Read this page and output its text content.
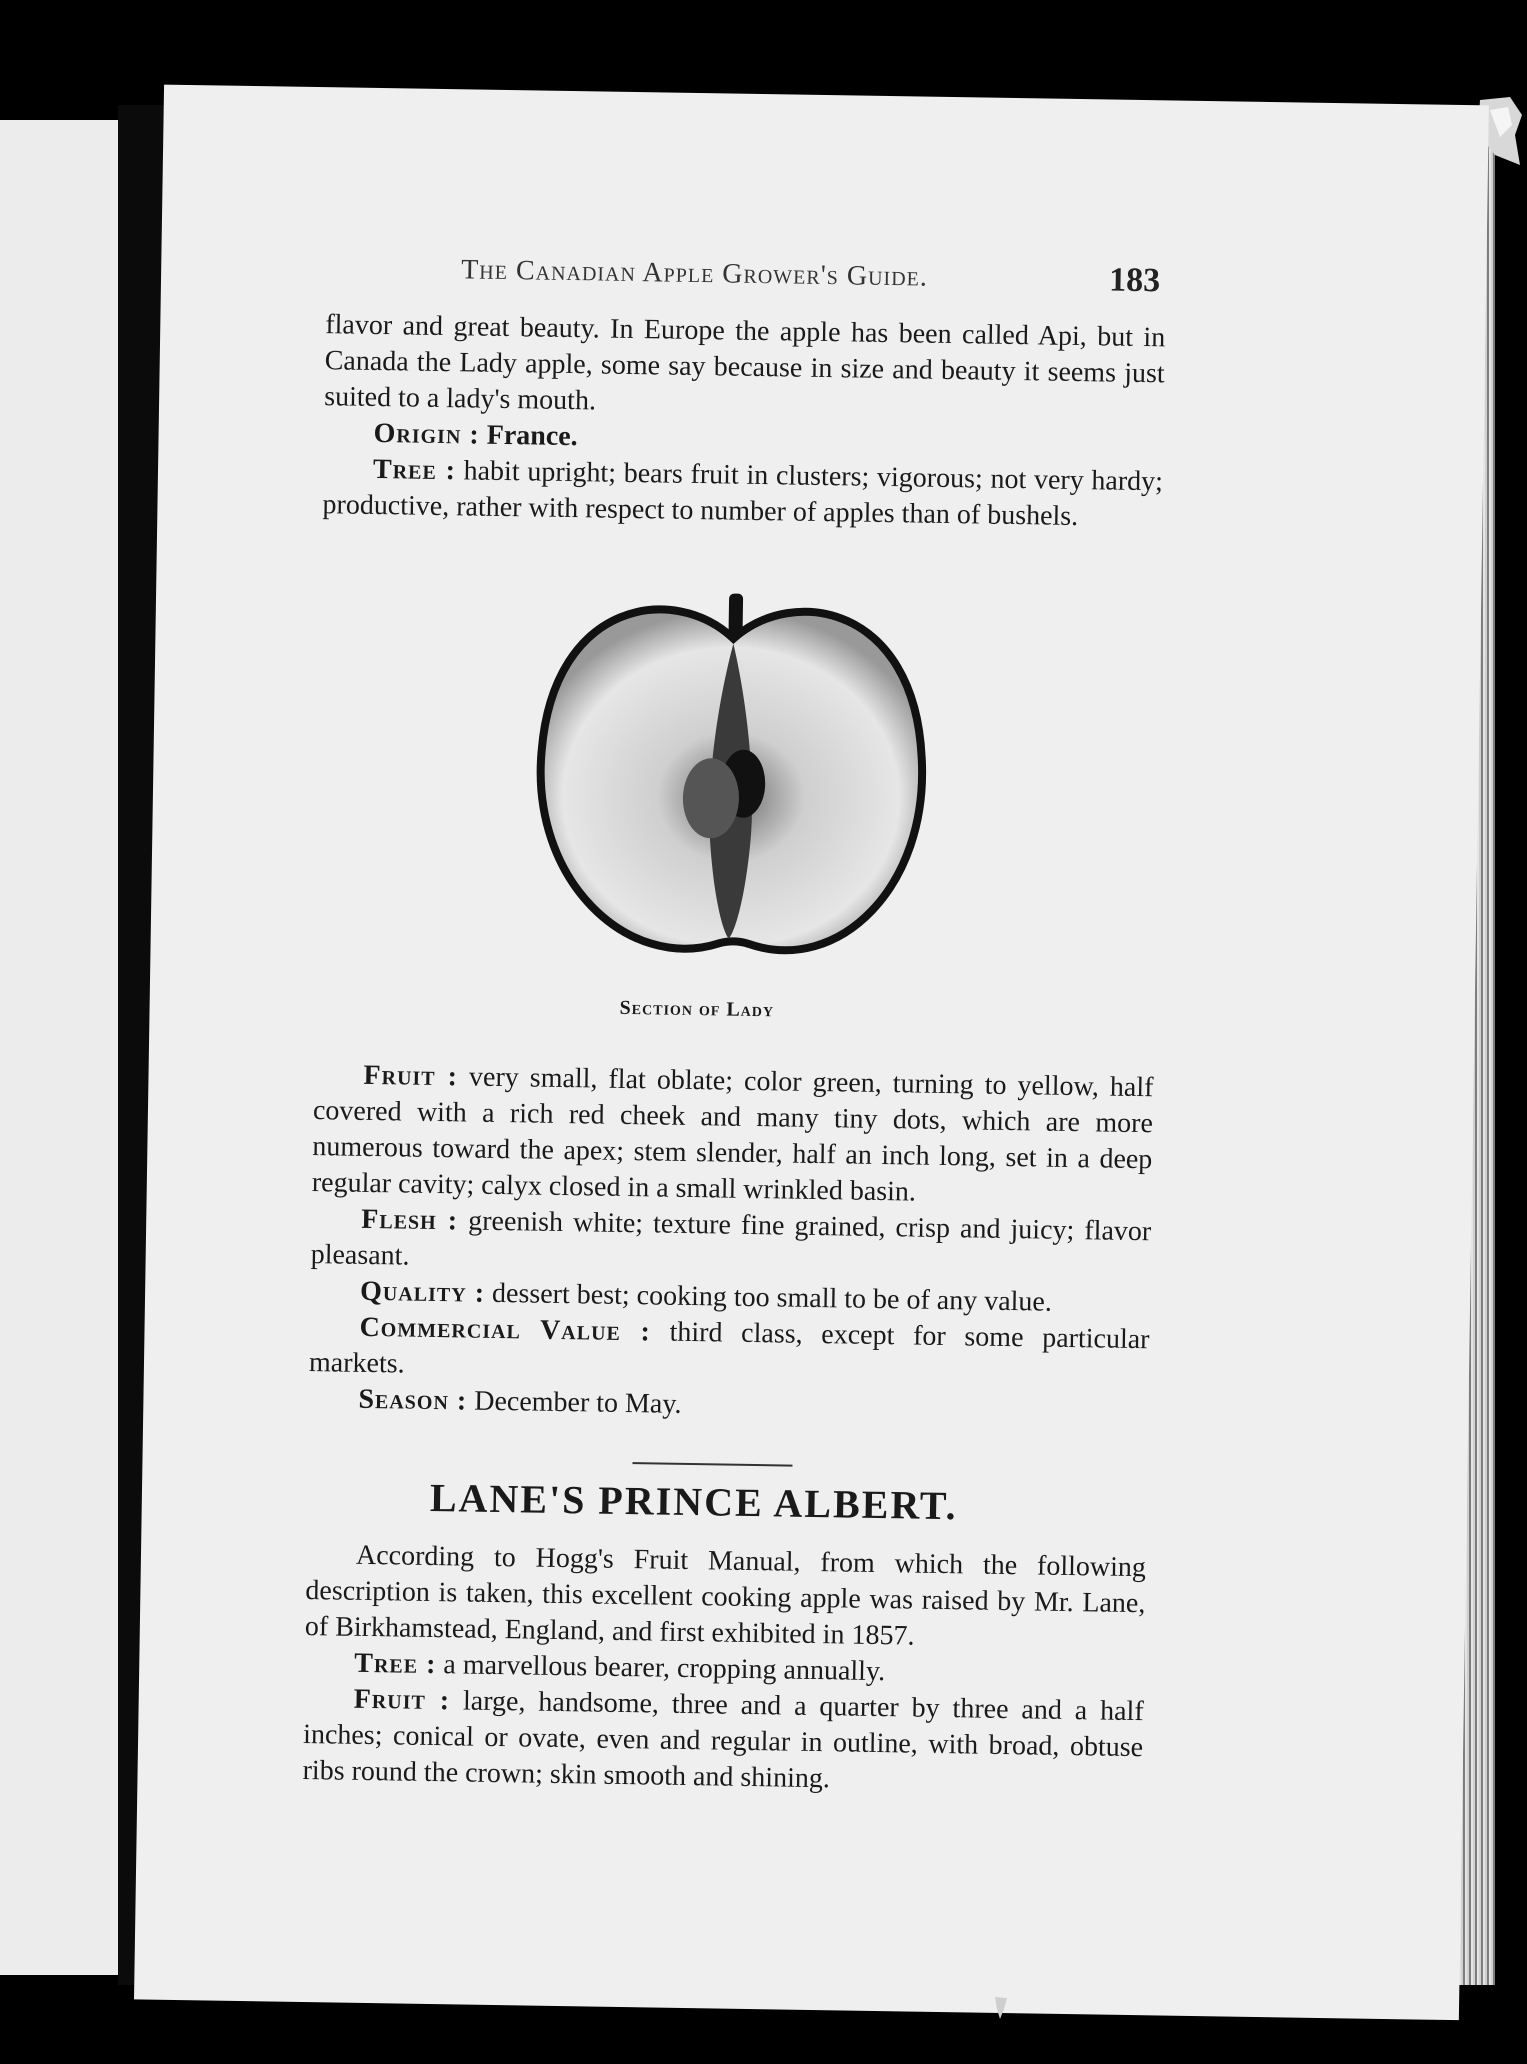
The Canadian Apple Grower's Guide.	183

flavor and great beauty. In Europe the apple has been called Api, but in Canada the Lady apple, some say because in size and beauty it seems just suited to a lady's mouth.

Origin : France.

Tree : habit upright; bears fruit in clusters; vigorous; not very hardy; productive, rather with respect to number of apples than of bushels.

Section of Lady

Fruit : very small, flat oblate; color green, turning to yellow, half covered with a rich red cheek and many tiny dots, which are more numerous toward the apex; stem slender, half an inch long, set in a deep regular cavity; calyx closed in a small wrinkled basin.

Flesh : greenish white; texture fine grained, crisp and juicy; flavor pleasant.

Quality : dessert best; cooking too small to be of any value.

Commercial Value : third class, except for some particular markets.

Season : December to May.

LANE'S PRINCE ALBERT.

According to Hogg's Fruit Manual, from which the following description is taken, this excellent cooking apple was raised by Mr. Lane, of Birkhamstead, England, and first exhibited in 1857.

Tree : a marvellous bearer, cropping annually.

Fruit : large, handsome, three and a quarter by three and a half inches; conical or ovate, even and regular in outline, with broad, obtuse ribs round the crown; skin smooth and shining.
